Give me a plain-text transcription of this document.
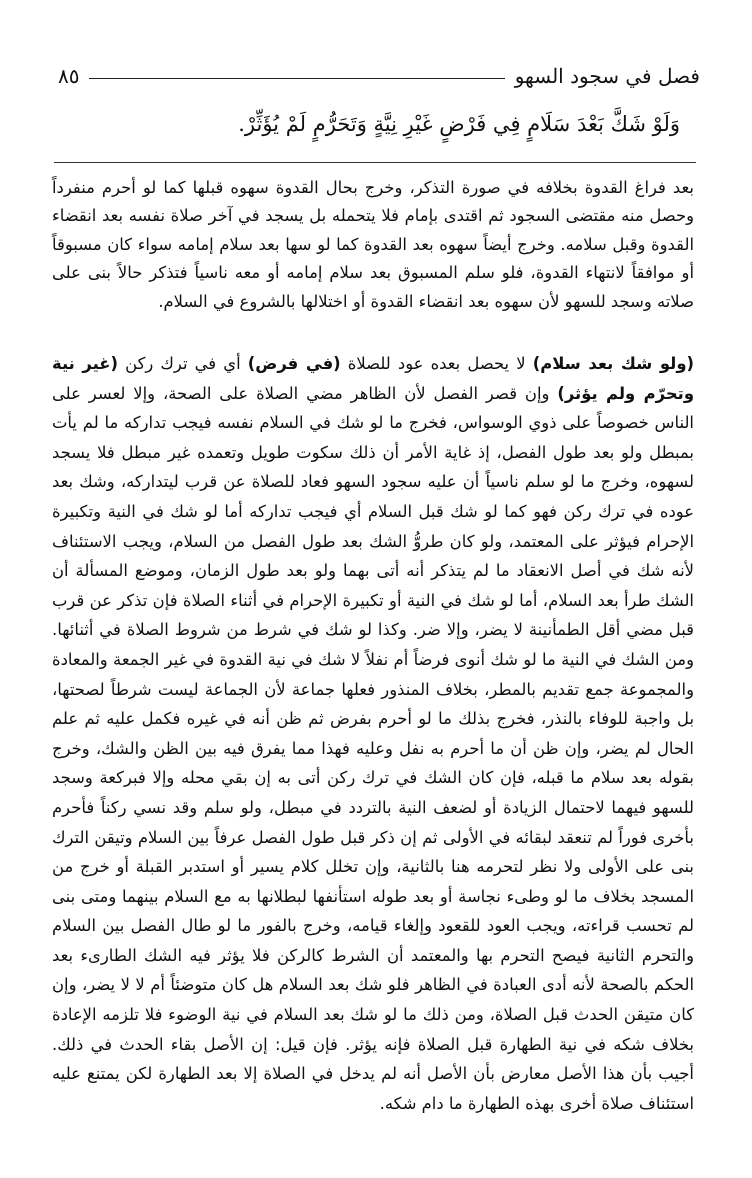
فصل في سجود السهو
٨٥
وَلَوْ شَكَّ بَعْدَ سَلَامٍ فِي فَرْضٍ غَيْرِ نِيَّةٍ وَتَحَرُّمٍ لَمْ يُؤَثِّرْ.

بعد فراغ القدوة بخلافه في صورة التذكر، وخرج بحال القدوة سهوه قبلها كما لو أحرم منفرداً وحصل منه مقتضى السجود ثم اقتدى بإمام فلا يتحمله بل يسجد في آخر صلاة نفسه بعد انقضاء القدوة وقبل سلامه. وخرج أيضاً سهوه بعد القدوة كما لو سها بعد سلام إمامه سواء كان مسبوقاً أو موافقاً لانتهاء القدوة، فلو سلم المسبوق بعد سلام إمامه أو معه ناسياً فتذكر حالاً بنى على صلاته وسجد للسهو لأن سهوه بعد انقضاء القدوة أو اختلالها بالشروع في السلام.

(ولو شك بعد سلام) لا يحصل بعده عود للصلاة (في فرض) أي في ترك ركن (غير نية وتحرّم ولم يؤثر) وإن قصر الفصل لأن الظاهر مضي الصلاة على الصحة، وإلا لعسر على الناس خصوصاً على ذوي الوسواس، فخرج ما لو شك في السلام نفسه فيجب تداركه ما لم يأت بمبطل ولو بعد طول الفصل، إذ غاية الأمر أن ذلك سكوت طويل وتعمده غير مبطل فلا يسجد لسهوه، وخرج ما لو سلم ناسياً أن عليه سجود السهو فعاد للصلاة عن قرب ليتداركه، وشك بعد عوده في ترك ركن فهو كما لو شك قبل السلام أي فيجب تداركه أما لو شك في النية وتكبيرة الإحرام فيؤثر على المعتمد، ولو كان طروُّ الشك بعد طول الفصل من السلام، ويجب الاستئناف لأنه شك في أصل الانعقاد ما لم يتذكر أنه أتى بهما ولو بعد طول الزمان، وموضع المسألة أن الشك طرأ بعد السلام، أما لو شك في النية أو تكبيرة الإحرام في أثناء الصلاة فإن تذكر عن قرب قبل مضي أقل الطمأنينة لا يضر، وإلا ضر. وكذا لو شك في شرط من شروط الصلاة في أثنائها. ومن الشك في النية ما لو شك أنوى فرضاً أم نفلاً لا شك في نية القدوة في غير الجمعة والمعادة والمجموعة جمع تقديم بالمطر، بخلاف المنذور فعلها جماعة لأن الجماعة ليست شرطاً لصحتها، بل واجبة للوفاء بالنذر، فخرج بذلك ما لو أحرم بفرض ثم ظن أنه في غيره فكمل عليه ثم علم الحال لم يضر، وإن ظن أن ما أحرم به نفل وعليه فهذا مما يفرق فيه بين الظن والشك، وخرج بقوله بعد سلام ما قبله، فإن كان الشك في ترك ركن أتى به إن بقي محله وإلا فبركعة وسجد للسهو فيهما لاحتمال الزيادة أو لضعف النية بالتردد في مبطل، ولو سلم وقد نسي ركناً فأحرم بأخرى فوراً لم تنعقد لبقائه في الأولى ثم إن ذكر قبل طول الفصل عرفاً بين السلام وتيقن الترك بنى على الأولى ولا نظر لتحرمه هنا بالثانية، وإن تخلل كلام يسير أو استدبر القبلة أو خرج من المسجد بخلاف ما لو وطىء نجاسة أو بعد طوله استأنفها لبطلانها به مع السلام بينهما ومتى بنى لم تحسب قراءته، ويجب العود للقعود وإلغاء قيامه، وخرج بالفور ما لو طال الفصل بين السلام والتحرم الثانية فيصح التحرم بها والمعتمد أن الشرط كالركن فلا يؤثر فيه الشك الطارىء بعد الحكم بالصحة لأنه أدى العبادة في الظاهر فلو شك بعد السلام هل كان متوضئاً أم لا لا يضر، وإن كان متيقن الحدث قبل الصلاة، ومن ذلك ما لو شك بعد السلام في نية الوضوء فلا تلزمه الإعادة بخلاف شكه في نية الطهارة قبل الصلاة فإنه يؤثر. فإن قيل: إن الأصل بقاء الحدث في ذلك. أجيب بأن هذا الأصل معارض بأن الأصل أنه لم يدخل في الصلاة إلا بعد الطهارة لكن يمتنع عليه استئناف صلاة أخرى بهذه الطهارة ما دام شكه.
